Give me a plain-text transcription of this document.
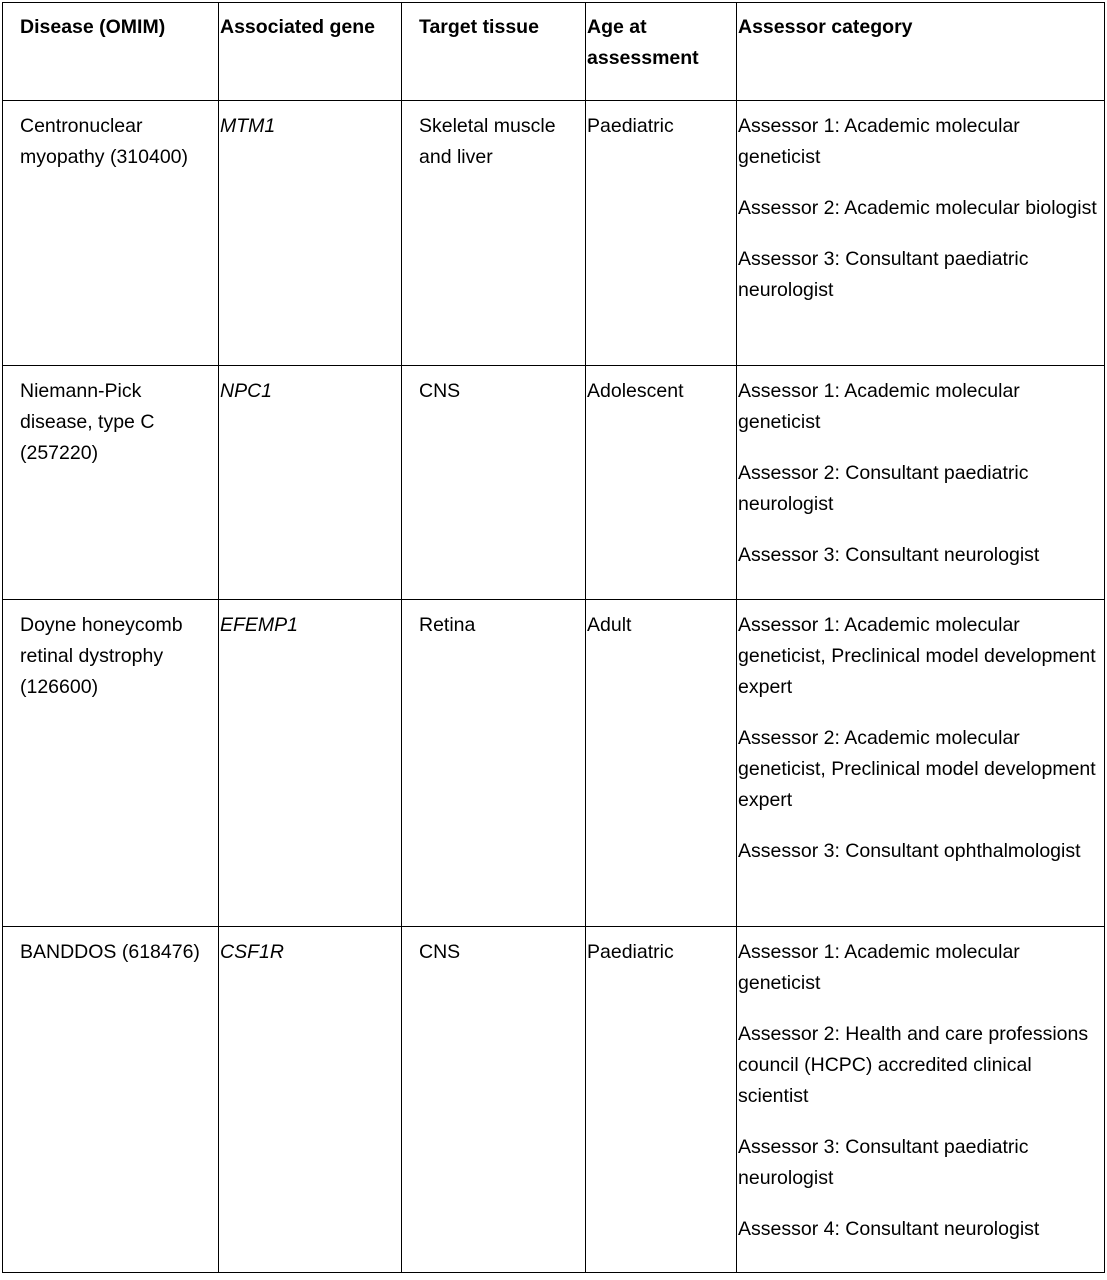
Disease (OMIM)	Associated gene	Target tissue	Age at assessment	Assessor category
Centronuclear myopathy (310400)	MTM1	Skeletal muscle and liver	Paediatric	Assessor 1: Academic molecular geneticist
Assessor 2: Academic molecular biologist
Assessor 3: Consultant paediatric neurologist

Niemann-Pick disease, type C (257220)	NPC1	CNS	Adolescent	Assessor 1: Academic molecular geneticist
Assessor 2: Consultant paediatric neurologist
Assessor 3: Consultant neurologist

Doyne honeycomb retinal dystrophy (126600)	EFEMP1	Retina	Adult	Assessor 1: Academic molecular geneticist, Preclinical model development expert
Assessor 2: Academic molecular geneticist, Preclinical model development expert
Assessor 3: Consultant ophthalmologist

BANDDOS (618476)	CSF1R	CNS	Paediatric	Assessor 1: Academic molecular geneticist
Assessor 2: Health and care professions council (HCPC) accredited clinical scientist
Assessor 3: Consultant paediatric neurologist
Assessor 4: Consultant neurologist
